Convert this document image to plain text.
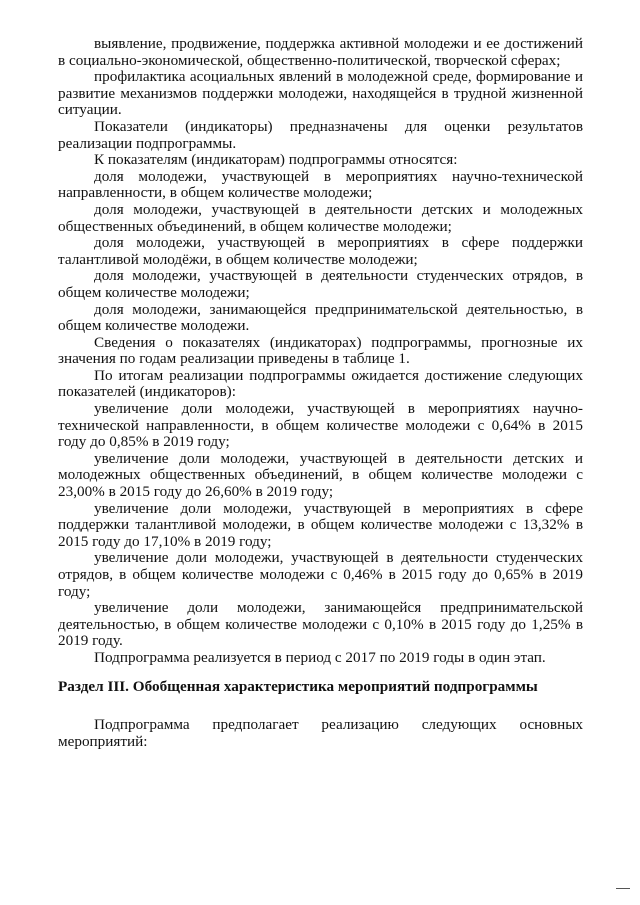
выявление, продвижение, поддержка активной молодежи и ее достижений в социально-экономической, общественно-политической, творческой сферах;

профилактика асоциальных явлений в молодежной среде, формирование и развитие механизмов поддержки молодежи, находящейся в трудной жизненной ситуации.

Показатели (индикаторы) предназначены для оценки результатов реализации подпрограммы.

К показателям (индикаторам) подпрограммы относятся:

доля молодежи, участвующей в мероприятиях научно-технической направленности, в общем количестве молодежи;

доля молодежи, участвующей в деятельности детских и молодежных общественных объединений, в общем количестве молодежи;

доля молодежи, участвующей в мероприятиях в сфере поддержки талантливой молодёжи, в общем количестве молодежи;

доля молодежи, участвующей в деятельности студенческих отрядов, в общем количестве молодежи;

доля молодежи, занимающейся предпринимательской деятельностью, в общем количестве молодежи.

Сведения о показателях (индикаторах) подпрограммы, прогнозные их значения по годам реализации приведены в таблице 1.

По итогам реализации подпрограммы ожидается достижение следующих показателей (индикаторов):

увеличение доли молодежи, участвующей в мероприятиях научно-технической направленности, в общем количестве молодежи с 0,64% в 2015 году до 0,85% в 2019 году;

увеличение доли молодежи, участвующей в деятельности детских и молодежных общественных объединений, в общем количестве молодежи с 23,00% в 2015 году до 26,60% в 2019 году;

увеличение доли молодежи, участвующей в мероприятиях в сфере поддержки талантливой молодежи, в общем количестве молодежи с 13,32% в 2015 году до 17,10% в 2019 году;

увеличение доли молодежи, участвующей в деятельности студенческих отрядов, в общем количестве молодежи с 0,46% в 2015 году до 0,65% в 2019 году;

увеличение доли молодежи, занимающейся предпринимательской деятельностью, в общем количестве молодежи с 0,10% в 2015 году до 1,25% в 2019 году.

Подпрограмма реализуется в период с 2017 по 2019 годы в один этап.

Раздел III. Обобщенная характеристика мероприятий подпрограммы

Подпрограмма предполагает реализацию следующих основных мероприятий:
